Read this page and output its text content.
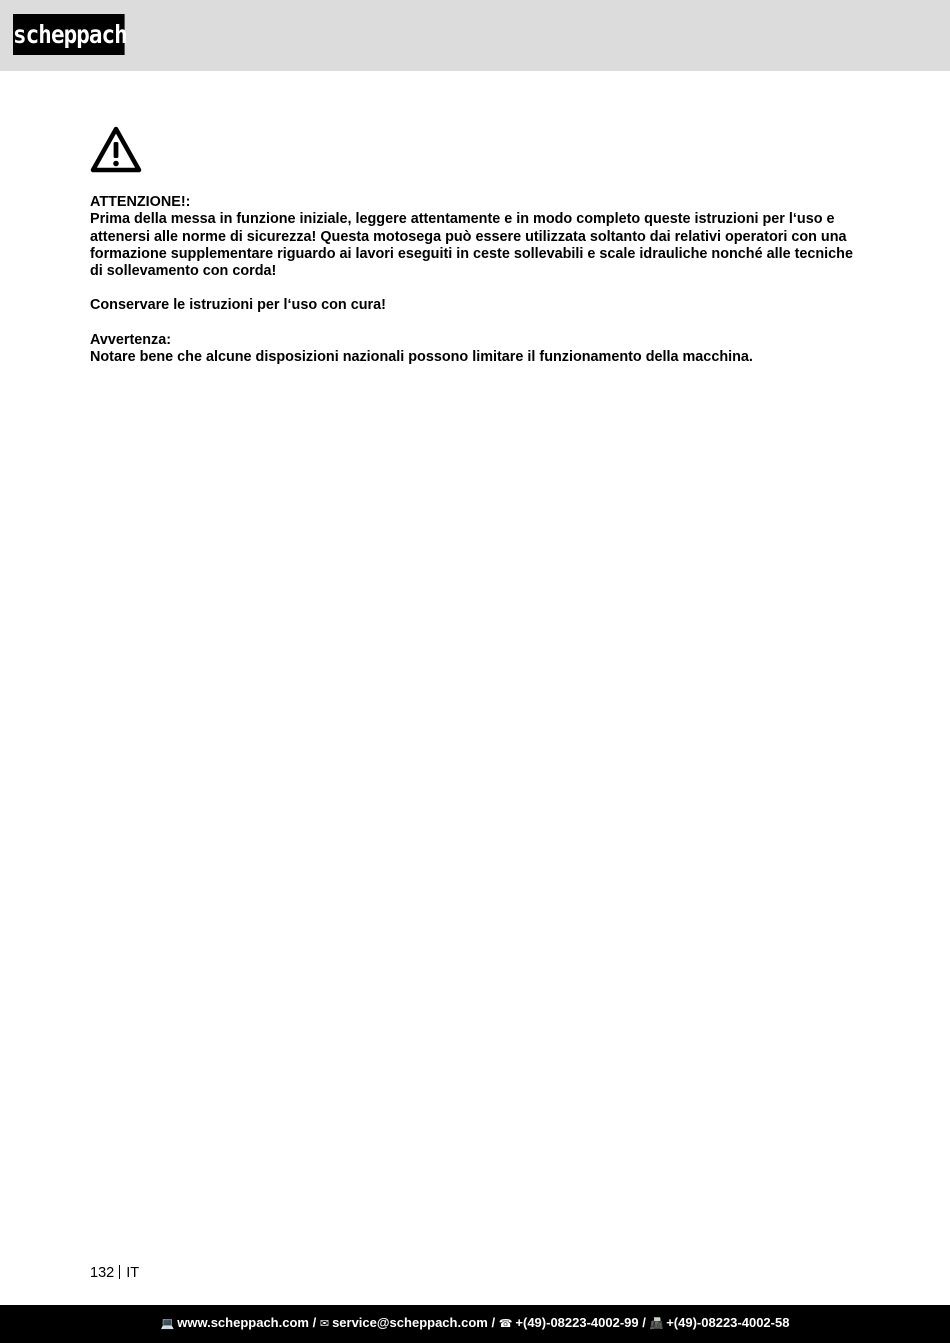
scheppach

ATTENZIONE!:

Prima della messa in funzione iniziale, leggere attentamente e in modo completo queste istruzioni per l‘uso e attenersi alle norme di sicurezza! Questa motosega può essere utilizzata soltanto dai relativi operatori con una formazione supplementare riguardo ai lavori eseguiti in ceste sollevabili e scale idrauliche nonché alle tecniche di sollevamento con corda!

Conservare le istruzioni per l‘uso con cura!

Avvertenza:

Notare bene che alcune disposizioni nazionali possono limitare il funzionamento della macchina.

132 IT
💻 www.scheppach.com / ✉ service@scheppach.com / ☎ +(49)-08223-4002-99 / 📠 +(49)-08223-4002-58
